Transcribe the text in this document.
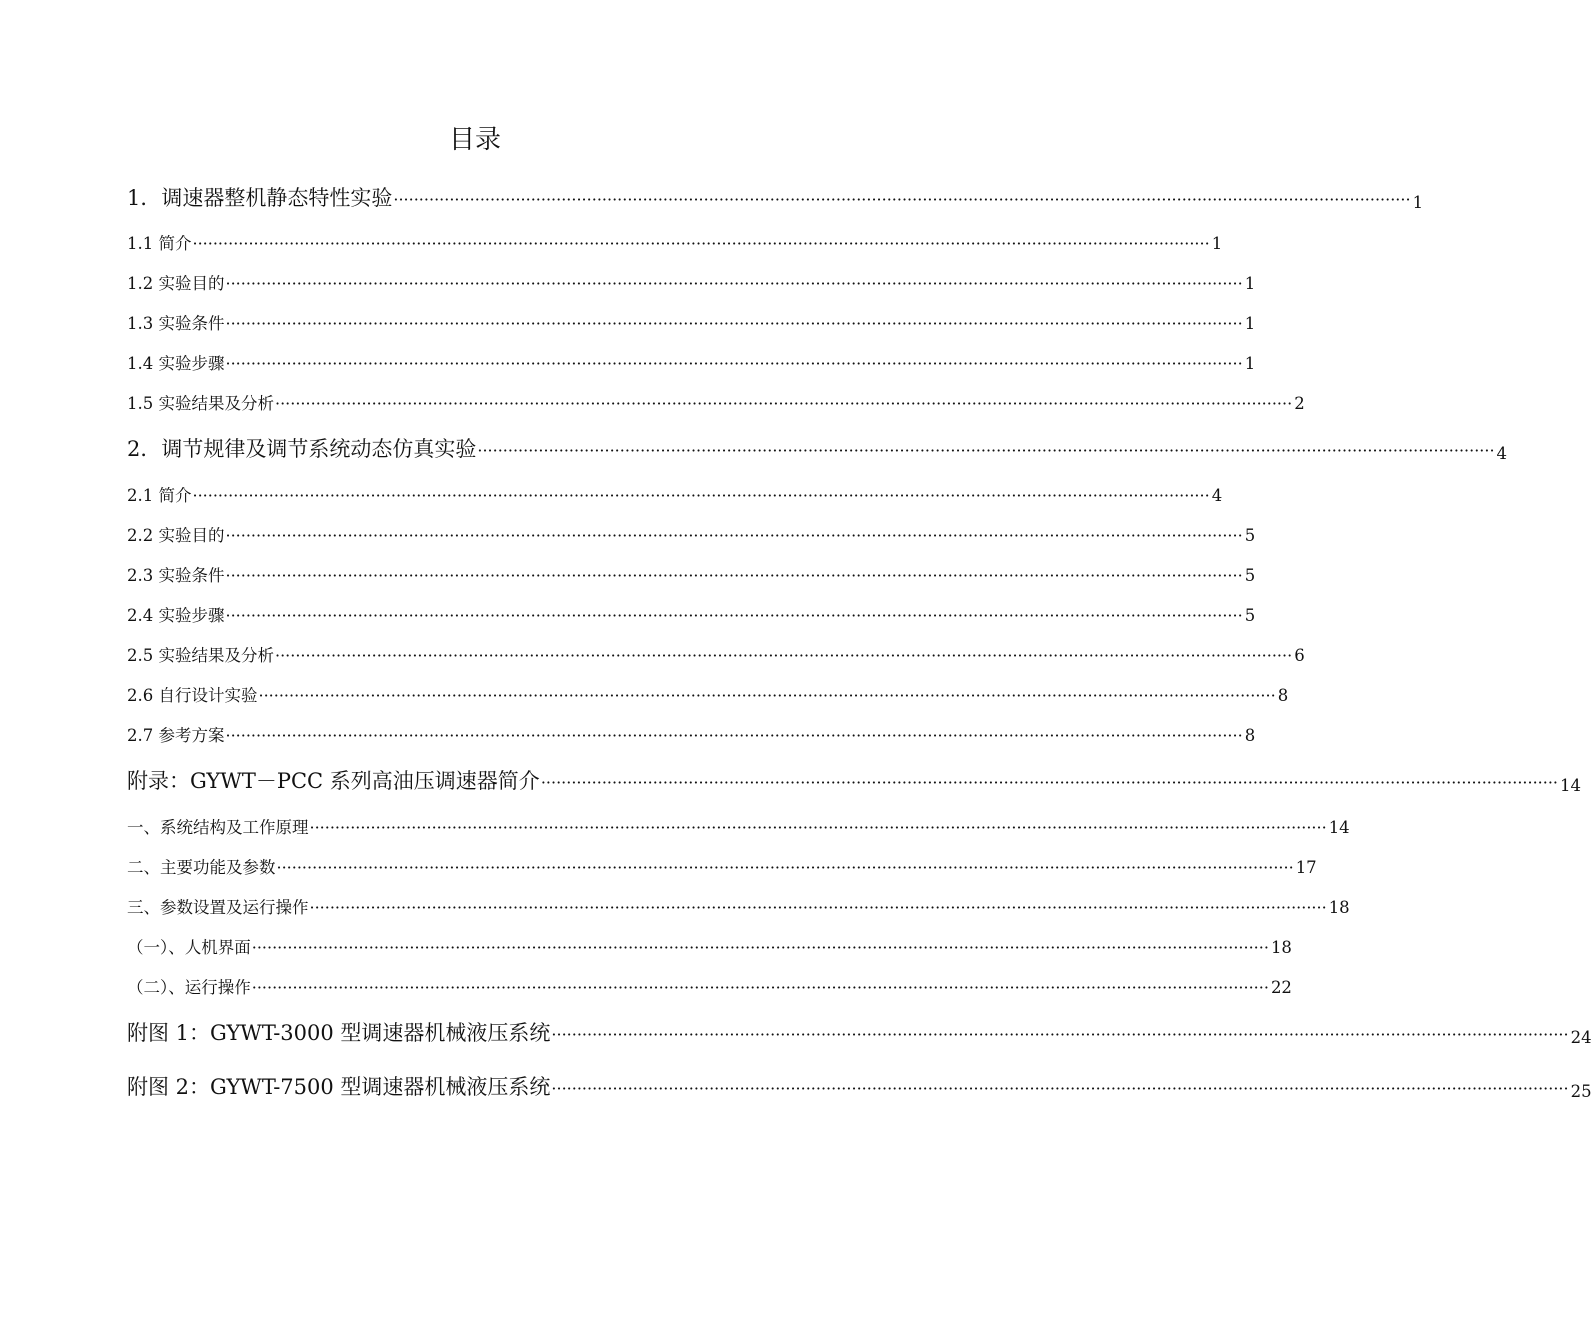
目录
1．调速器整机静态特性实验 ········································································································································································································ 1
1.1 简介 ········································································································································································································ 1
1.2 实验目的 ········································································································································································································ 1
1.3 实验条件 ········································································································································································································ 1
1.4 实验步骤 ········································································································································································································ 1
1.5 实验结果及分析 ········································································································································································································ 2
2．调节规律及调节系统动态仿真实验 ········································································································································································································ 4
2.1 简介 ········································································································································································································ 4
2.2 实验目的 ········································································································································································································ 5
2.3 实验条件 ········································································································································································································ 5
2.4 实验步骤 ········································································································································································································ 5
2.5 实验结果及分析 ········································································································································································································ 6
2.6 自行设计实验 ········································································································································································································ 8
2.7 参考方案 ········································································································································································································ 8
附录：GYWT－PCC 系列高油压调速器简介 ········································································································································································································ 14
一、系统结构及工作原理 ········································································································································································································ 14
二、主要功能及参数 ········································································································································································································ 17
三、参数设置及运行操作 ········································································································································································································ 18
（一）、人机界面 ········································································································································································································ 18
（二）、运行操作 ········································································································································································································ 22
附图 1：GYWT-3000 型调速器机械液压系统 ········································································································································································································ 24
附图 2：GYWT-7500 型调速器机械液压系统 ········································································································································································································ 25
